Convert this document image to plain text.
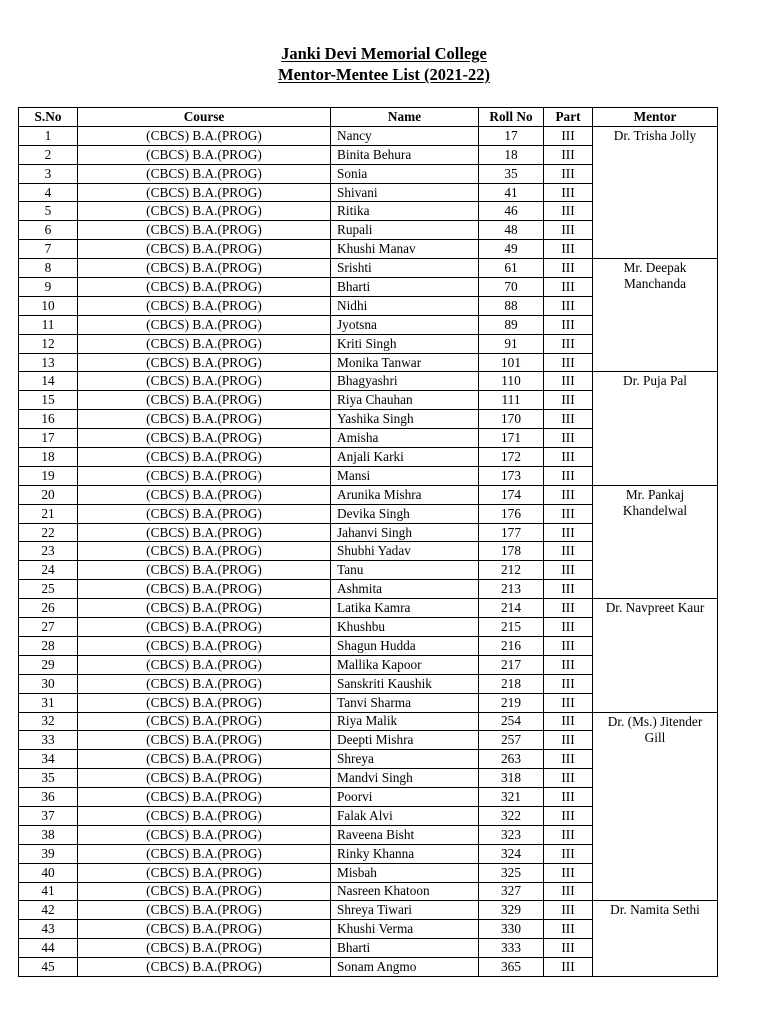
Janki Devi Memorial College
Mentor-Mentee List (2021-22)
S.No	Course	Name	Roll No	Part	Mentor
1	(CBCS) B.A.(PROG)	Nancy	17	III	Dr. Trisha Jolly
2	(CBCS) B.A.(PROG)	Binita Behura	18	III	
3	(CBCS) B.A.(PROG)	Sonia	35	III	
4	(CBCS) B.A.(PROG)	Shivani	41	III	
5	(CBCS) B.A.(PROG)	Ritika	46	III	
6	(CBCS) B.A.(PROG)	Rupali	48	III	
7	(CBCS) B.A.(PROG)	Khushi Manav	49	III	
8	(CBCS) B.A.(PROG)	Srishti	61	III	Mr. Deepak Manchanda
9	(CBCS) B.A.(PROG)	Bharti	70	III	
10	(CBCS) B.A.(PROG)	Nidhi	88	III	
11	(CBCS) B.A.(PROG)	Jyotsna	89	III	
12	(CBCS) B.A.(PROG)	Kriti Singh	91	III	
13	(CBCS) B.A.(PROG)	Monika Tanwar	101	III	
14	(CBCS) B.A.(PROG)	Bhagyashri	110	III	Dr. Puja Pal
15	(CBCS) B.A.(PROG)	Riya Chauhan	111	III	
16	(CBCS) B.A.(PROG)	Yashika Singh	170	III	
17	(CBCS) B.A.(PROG)	Amisha	171	III	
18	(CBCS) B.A.(PROG)	Anjali Karki	172	III	
19	(CBCS) B.A.(PROG)	Mansi	173	III	
20	(CBCS) B.A.(PROG)	Arunika Mishra	174	III	Mr. Pankaj Khandelwal
21	(CBCS) B.A.(PROG)	Devika Singh	176	III	
22	(CBCS) B.A.(PROG)	Jahanvi Singh	177	III	
23	(CBCS) B.A.(PROG)	Shubhi Yadav	178	III	
24	(CBCS) B.A.(PROG)	Tanu	212	III	
25	(CBCS) B.A.(PROG)	Ashmita	213	III	
26	(CBCS) B.A.(PROG)	Latika Kamra	214	III	Dr. Navpreet Kaur
27	(CBCS) B.A.(PROG)	Khushbu	215	III	
28	(CBCS) B.A.(PROG)	Shagun Hudda	216	III	
29	(CBCS) B.A.(PROG)	Mallika Kapoor	217	III	
30	(CBCS) B.A.(PROG)	Sanskriti Kaushik	218	III	
31	(CBCS) B.A.(PROG)	Tanvi Sharma	219	III	
32	(CBCS) B.A.(PROG)	Riya Malik	254	III	Dr. (Ms.) Jitender Gill
33	(CBCS) B.A.(PROG)	Deepti Mishra	257	III	
34	(CBCS) B.A.(PROG)	Shreya	263	III	
35	(CBCS) B.A.(PROG)	Mandvi Singh	318	III	
36	(CBCS) B.A.(PROG)	Poorvi	321	III	
37	(CBCS) B.A.(PROG)	Falak Alvi	322	III	
38	(CBCS) B.A.(PROG)	Raveena Bisht	323	III	
39	(CBCS) B.A.(PROG)	Rinky Khanna	324	III	
40	(CBCS) B.A.(PROG)	Misbah	325	III	
41	(CBCS) B.A.(PROG)	Nasreen Khatoon	327	III	
42	(CBCS) B.A.(PROG)	Shreya Tiwari	329	III	Dr. Namita Sethi
43	(CBCS) B.A.(PROG)	Khushi Verma	330	III	
44	(CBCS) B.A.(PROG)	Bharti	333	III	
45	(CBCS) B.A.(PROG)	Sonam Angmo	365	III	
